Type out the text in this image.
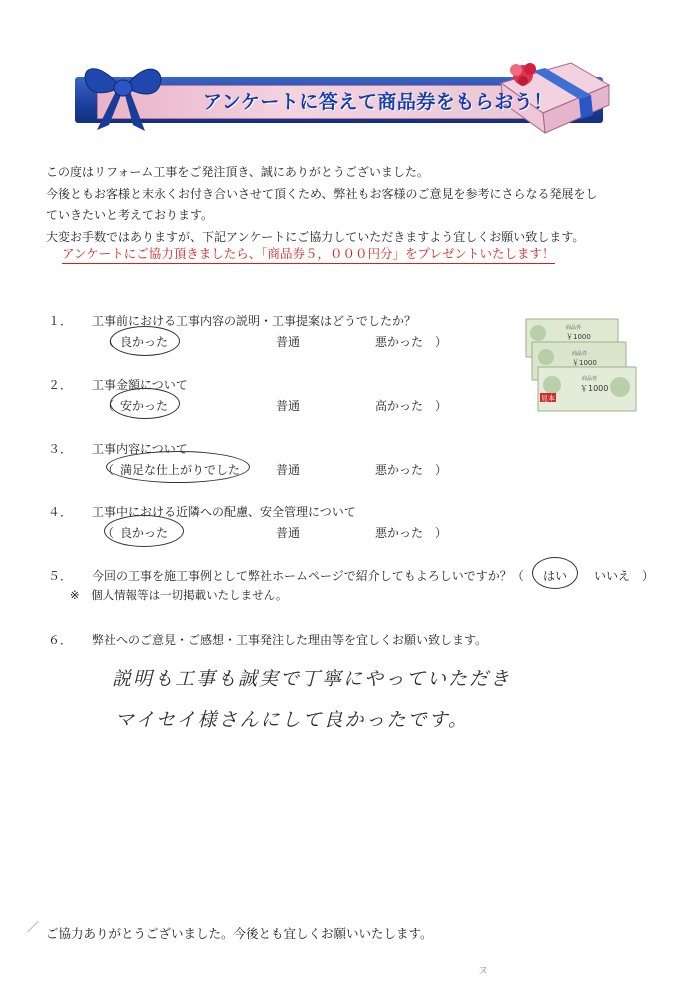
アンケートに答えて商品券をもらおう！

この度はリフォーム工事をご発注頂き、誠にありがとうございました。

今後ともお客様と末永くお付き合いさせて頂くため、弊社もお客様のご意見を参考にさらなる発展をし

ていきたいと考えております。

大変お手数ではありますが、下記アンケートにご協力していただきますよう宜しくお願い致します。

アンケートにご協力頂きましたら、「商品券５，０００円分」をプレゼントいたします！
商品券
￥1000
商品券
￥1000
商品券
￥1000
見本
１． 工事前における工事内容の説明・工事提案はどうでしたか？
（ 良かった	普通	悪かった　）
２． 工事金額について
（ 安かった	普通	高かった　）
３． 工事内容について
（ 満足な仕上がりでした	普通	悪かった　）
４． 工事中における近隣への配慮、安全管理について
（ 良かった	普通	悪かった　）
５． 今回の工事を施工事例として弊社ホームページで紹介してもよろしいですか？（ はい いいえ　）
※　個人情報等は一切掲載いたしません。
６． 弊社へのご意見・ご感想・工事発注した理由等を宜しくお願い致します。
説明も工事も誠実で丁寧にやっていただき
マイセイ様さんにして良かったです。
／ ご協力ありがとうございました。今後とも宜しくお願いいたします。
ヌ
